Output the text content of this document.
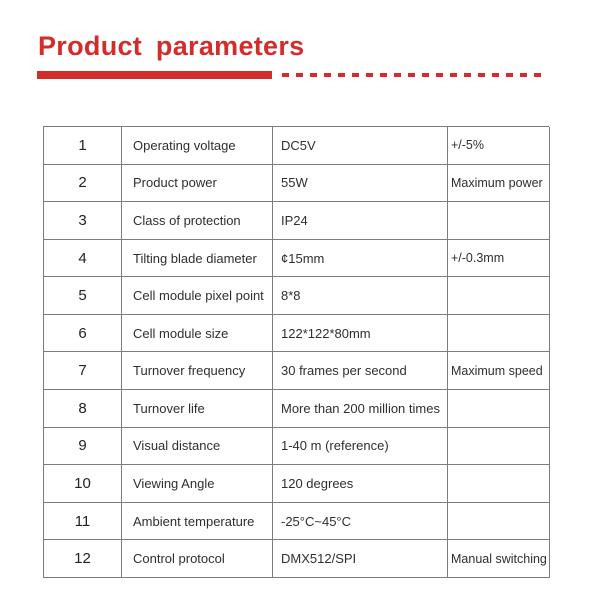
Product parameters
1	Operating voltage	DC5V	+/-5%
2	Product power	55W	Maximum power
3	Class of protection	IP24
4	Tilting blade diameter	¢15mm	+/-0.3mm
5	Cell module pixel point	8*8
6	Cell module size	122*122*80mm
7	Turnover frequency	30 frames per second	Maximum speed
8	Turnover life	More than 200 million times
9	Visual distance	1-40 m (reference)
10	Viewing Angle	120 degrees
11	Ambient temperature	-25°C~45°C
12	Control protocol	DMX512/SPI	Manual switching
